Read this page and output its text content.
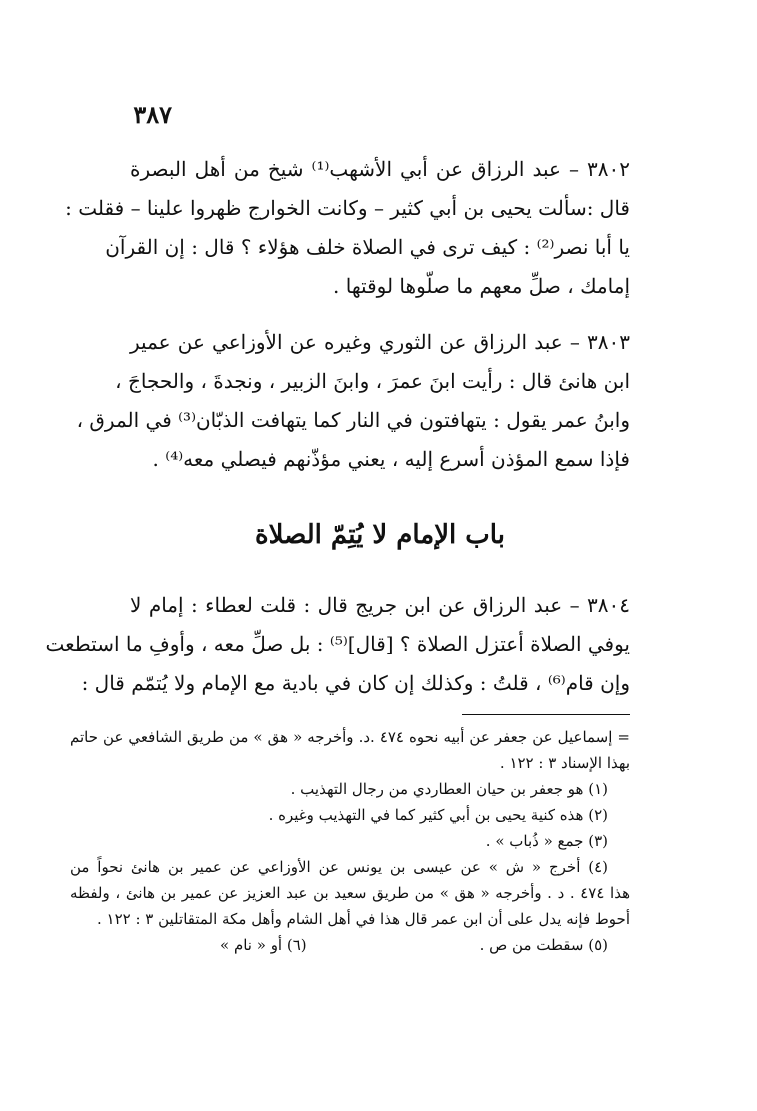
٣٨٧
٣٨٠٢ – عبد الرزاق عن أبي الأشهب⁽¹⁾ شيخ من أهل البصرة
قال :سألت يحيى بن أبي كثير – وكانت الخوارج ظهروا علينا – فقلت :
يا أبا نصر⁽²⁾ : كيف ترى في الصلاة خلف هؤلاء ؟ قال : إن القرآن
إمامك ، صلِّ معهم ما صلّوها لوقتها .
٣٨٠٣ – عبد الرزاق عن الثوري وغيره عن الأوزاعي عن عمير
ابن هانئ قال : رأيت ابنَ عمرَ ، وابنَ الزبير ، ونجدةَ ، والحجاجَ ،
وابنُ عمر يقول : يتهافتون في النار كما يتهافت الذبّان⁽³⁾ في المرق ،
فإذا سمع المؤذن أسرع إليه ، يعني مؤذّنهم فيصلي معه⁽⁴⁾ .
باب الإمام لا يُتِمّ الصلاة
٣٨٠٤ – عبد الرزاق عن ابن جريج قال : قلت لعطاء : إمام لا
يوفي الصلاة أعتزل الصلاة ؟ [قال]⁽⁵⁾ : بل صلِّ معه ، وأوفِ ما استطعت
وإن قام⁽⁶⁾ ، قلتُ : وكذلك إن كان في بادية مع الإمام ولا يُتمّم قال :
= إسماعيل عن جعفر عن أبيه نحوه ٤٧٤ .د. وأخرجه « هق » من طريق الشافعي عن حاتم
بهذا الإسناد ٣ : ١٢٢ .
(١) هو جعفر بن حيان العطاردي من رجال التهذيب .
(٢) هذه كنية يحيى بن أبي كثير كما في التهذيب وغيره .
(٣) جمع « ذُباب » .
(٤) أخرج « ش » عن عيسى بن يونس عن الأوزاعي عن عمير بن هانئ نحواً من
هذا ٤٧٤ . د . وأخرجه « هق » من طريق سعيد بن عبد العزيز عن عمير بن هانئ ، ولفظه
أحوط فإنه يدل على أن ابن عمر قال هذا في أهل الشام وأهل مكة المتقاتلين ٣ : ١٢٢ .
(٥) سقطت من ص .
(٦) أو « نام »
